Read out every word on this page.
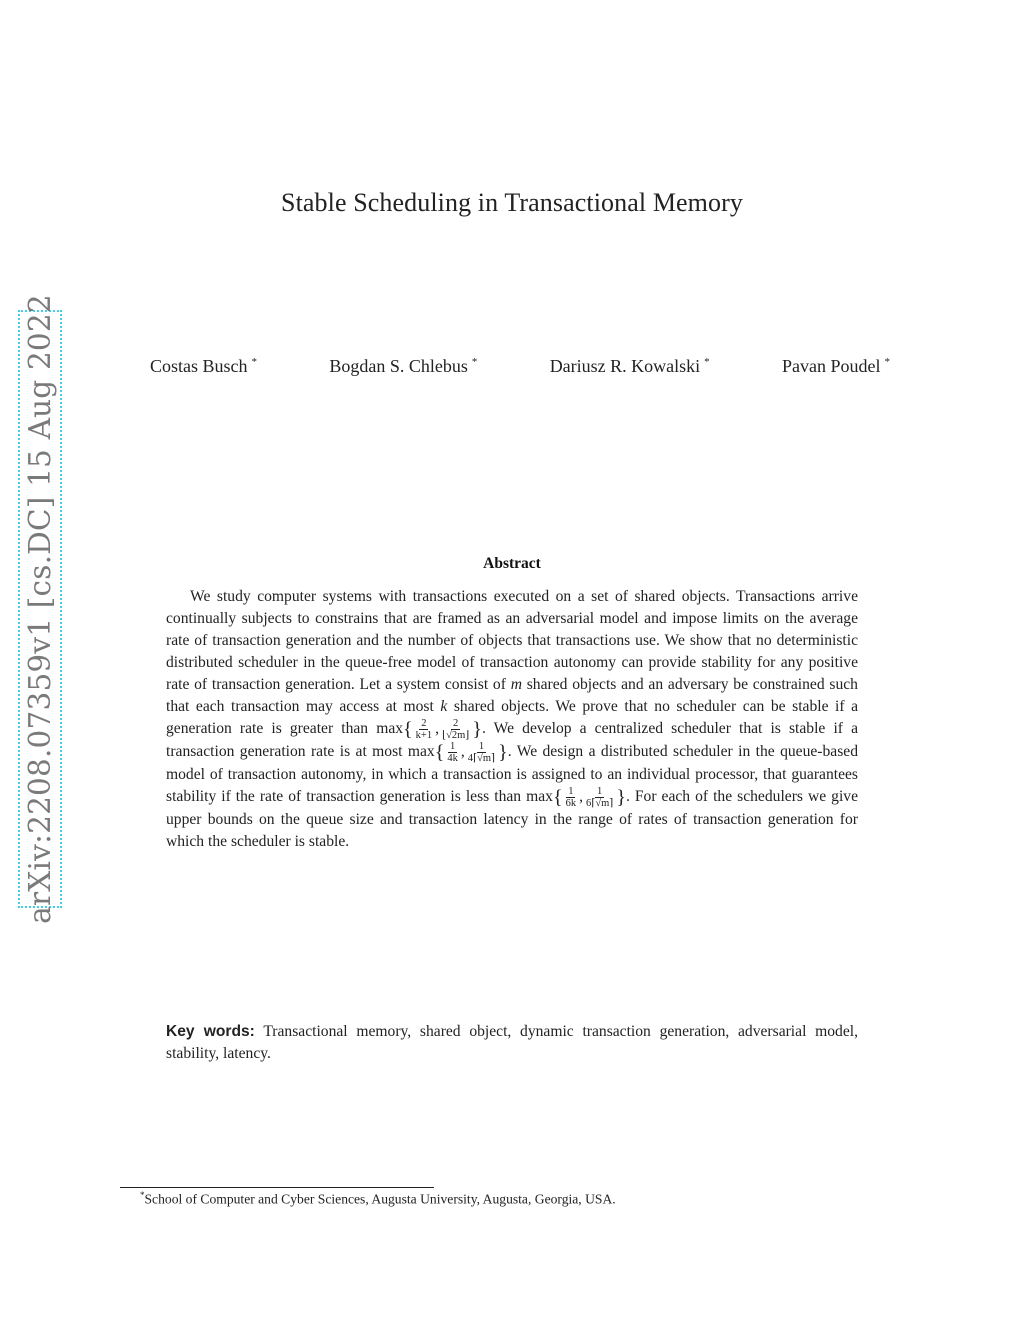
arXiv:2208.07359v1 [cs.DC] 15 Aug 2022
Stable Scheduling in Transactional Memory
Costas Busch *	Bogdan S. Chlebus *	Dariusz R. Kowalski *	Pavan Poudel *
Abstract
We study computer systems with transactions executed on a set of shared objects. Transactions arrive continually subjects to constrains that are framed as an adversarial model and impose limits on the average rate of transaction generation and the number of objects that transactions use. We show that no deterministic distributed scheduler in the queue-free model of transaction autonomy can provide stability for any positive rate of transaction generation. Let a system consist of m shared objects and an adversary be constrained such that each transaction may access at most k shared objects. We prove that no scheduler can be stable if a generation rate is greater than $\max\{ \frac{2}{k+1}$ , $\frac{2}{⌊√2m⌋}$ }. We develop a centralized scheduler that is stable if a transaction generation rate is at most $\max\{ \frac{1}{4k}$ , $\frac{1}{4⌈√m⌉}$ }. We design a distributed scheduler in the queue-based model of transaction autonomy, in which a transaction is assigned to an individual processor, that guarantees stability if the rate of transaction generation is less than $\max\{ \frac{1}{6k}$ , $\frac{1}{6⌈√m⌉}$ }. For each of the schedulers we give upper bounds on the queue size and transaction latency in the range of rates of transaction generation for which the scheduler is stable.
Key words: Transactional memory, shared object, dynamic transaction generation, adversarial model, stability, latency.
*School of Computer and Cyber Sciences, Augusta University, Augusta, Georgia, USA.
